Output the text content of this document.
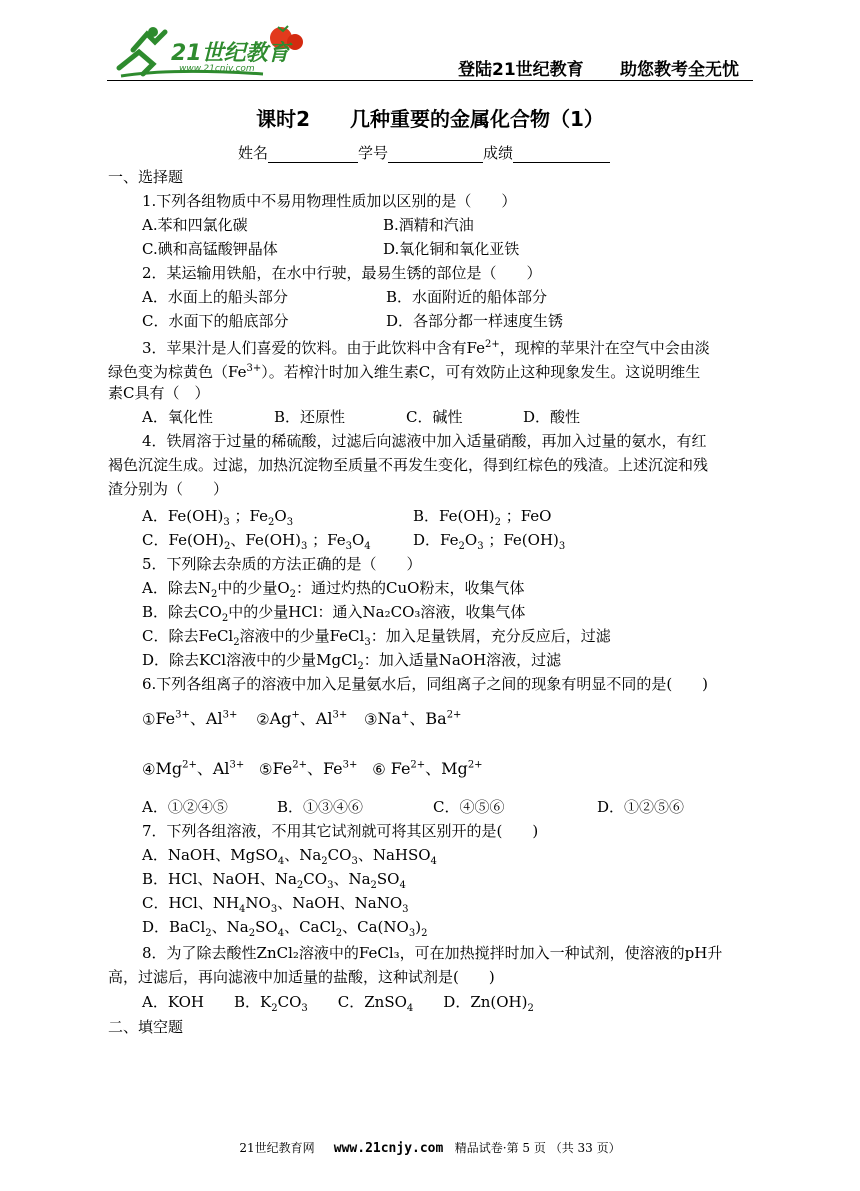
21世纪教育
www.21cnjy.com	登陆21世纪教育 助您教考全无忧
课时2　　几种重要的金属化合物（1）
姓名	学号	成绩
一、选择题
1.下列各组物质中不易用物理性质加以区别的是（　　）
A.苯和四氯化碳	B.酒精和汽油
C.碘和高锰酸钾晶体	D.氧化铜和氧化亚铁
2．某运输用铁船，在水中行驶，最易生锈的部位是（　　）
A．水面上的船头部分	B．水面附近的船体部分
C．水面下的船底部分	D．各部分都一样速度生锈
3．苹果汁是人们喜爱的饮料。由于此饮料中含有$Fe^{2+}$，现榨的苹果汁在空气中会由淡
绿色变为棕黄色$(Fe^{3+})$。若榨汁时加入维生素C，可有效防止这种现象发生。这说明维生
素C具有（　）
A．氧化性	B．还原性	C．碱性	D．酸性
4．铁屑溶于过量的稀硫酸，过滤后向滤液中加入适量硝酸，再加入过量的氨水，有红
褐色沉淀生成。过滤，加热沉淀物至质量不再发生变化，得到红棕色的残渣。上述沉淀和残
渣分别为（　　）
A．$Fe(OH)_3$ ；$Fe_2O_3$	B．$Fe(OH)_2$ ；FeO
C．$Fe(OH)_2$、$Fe(OH)_3$ ；$Fe_3O_4$	D．$Fe_2O_3$ ；$Fe(OH)_3$
5．下列除去杂质的方法正确的是（　　）
A．除去$N_2$中的少量$O_2$：通过灼热的CuO粉末，收集气体
B．除去$CO_2$中的少量HCl：通入Na₂CO₃溶液，收集气体
C．除去FeCl$_2$溶液中的少量FeCl$_3$：加入足量铁屑，充分反应后，过滤
D．除去KCl溶液中的少量MgCl$_2$：加入适量NaOH溶液，过滤
6.下列各组离子的溶液中加入足量氨水后，同组离子之间的现象有明显不同的是(　　)
$①Fe^{3+}$、$Al^{3+}$ ②Ag+、$Al^{3+}$ ③Na+、$Ba^{2+}$
$④Mg^{2+}$、$Al^{3+}$ $⑤Fe^{2+}$、$Fe^{3+}$ ⑥ $Fe^{2+}$、$Mg^{2+}$
A．①②④⑤	B．①③④⑥	C．④⑤⑥	D．①②⑤⑥
7．下列各组溶液，不用其它试剂就可将其区别开的是(　　)
A．NaOH、MgSO$_4$、$Na_2CO_3$、NaHSO$_4$
B．HCl、NaOH、$Na_2CO_3$、$Na_2SO_4$
C．HCl、$NH_4NO_3$、NaOH、NaNO$_3$
D．BaCl$_2$、$Na_2SO_4$、CaCl$_2$、$Ca(NO_3)_2$
8．为了除去酸性ZnCl₂溶液中的FeCl₃，可在加热搅拌时加入一种试剂，使溶液的pH升
高，过滤后，再向滤液中加适量的盐酸，这种试剂是(　　)
A．KOH　　B．$K_2CO_3$　　C．ZnSO$_4$　　D．$Zn(OH)_2$
二、填空题
21世纪教育网 www.21cnjy.com 精品试卷·第 5 页 （共 33 页）
